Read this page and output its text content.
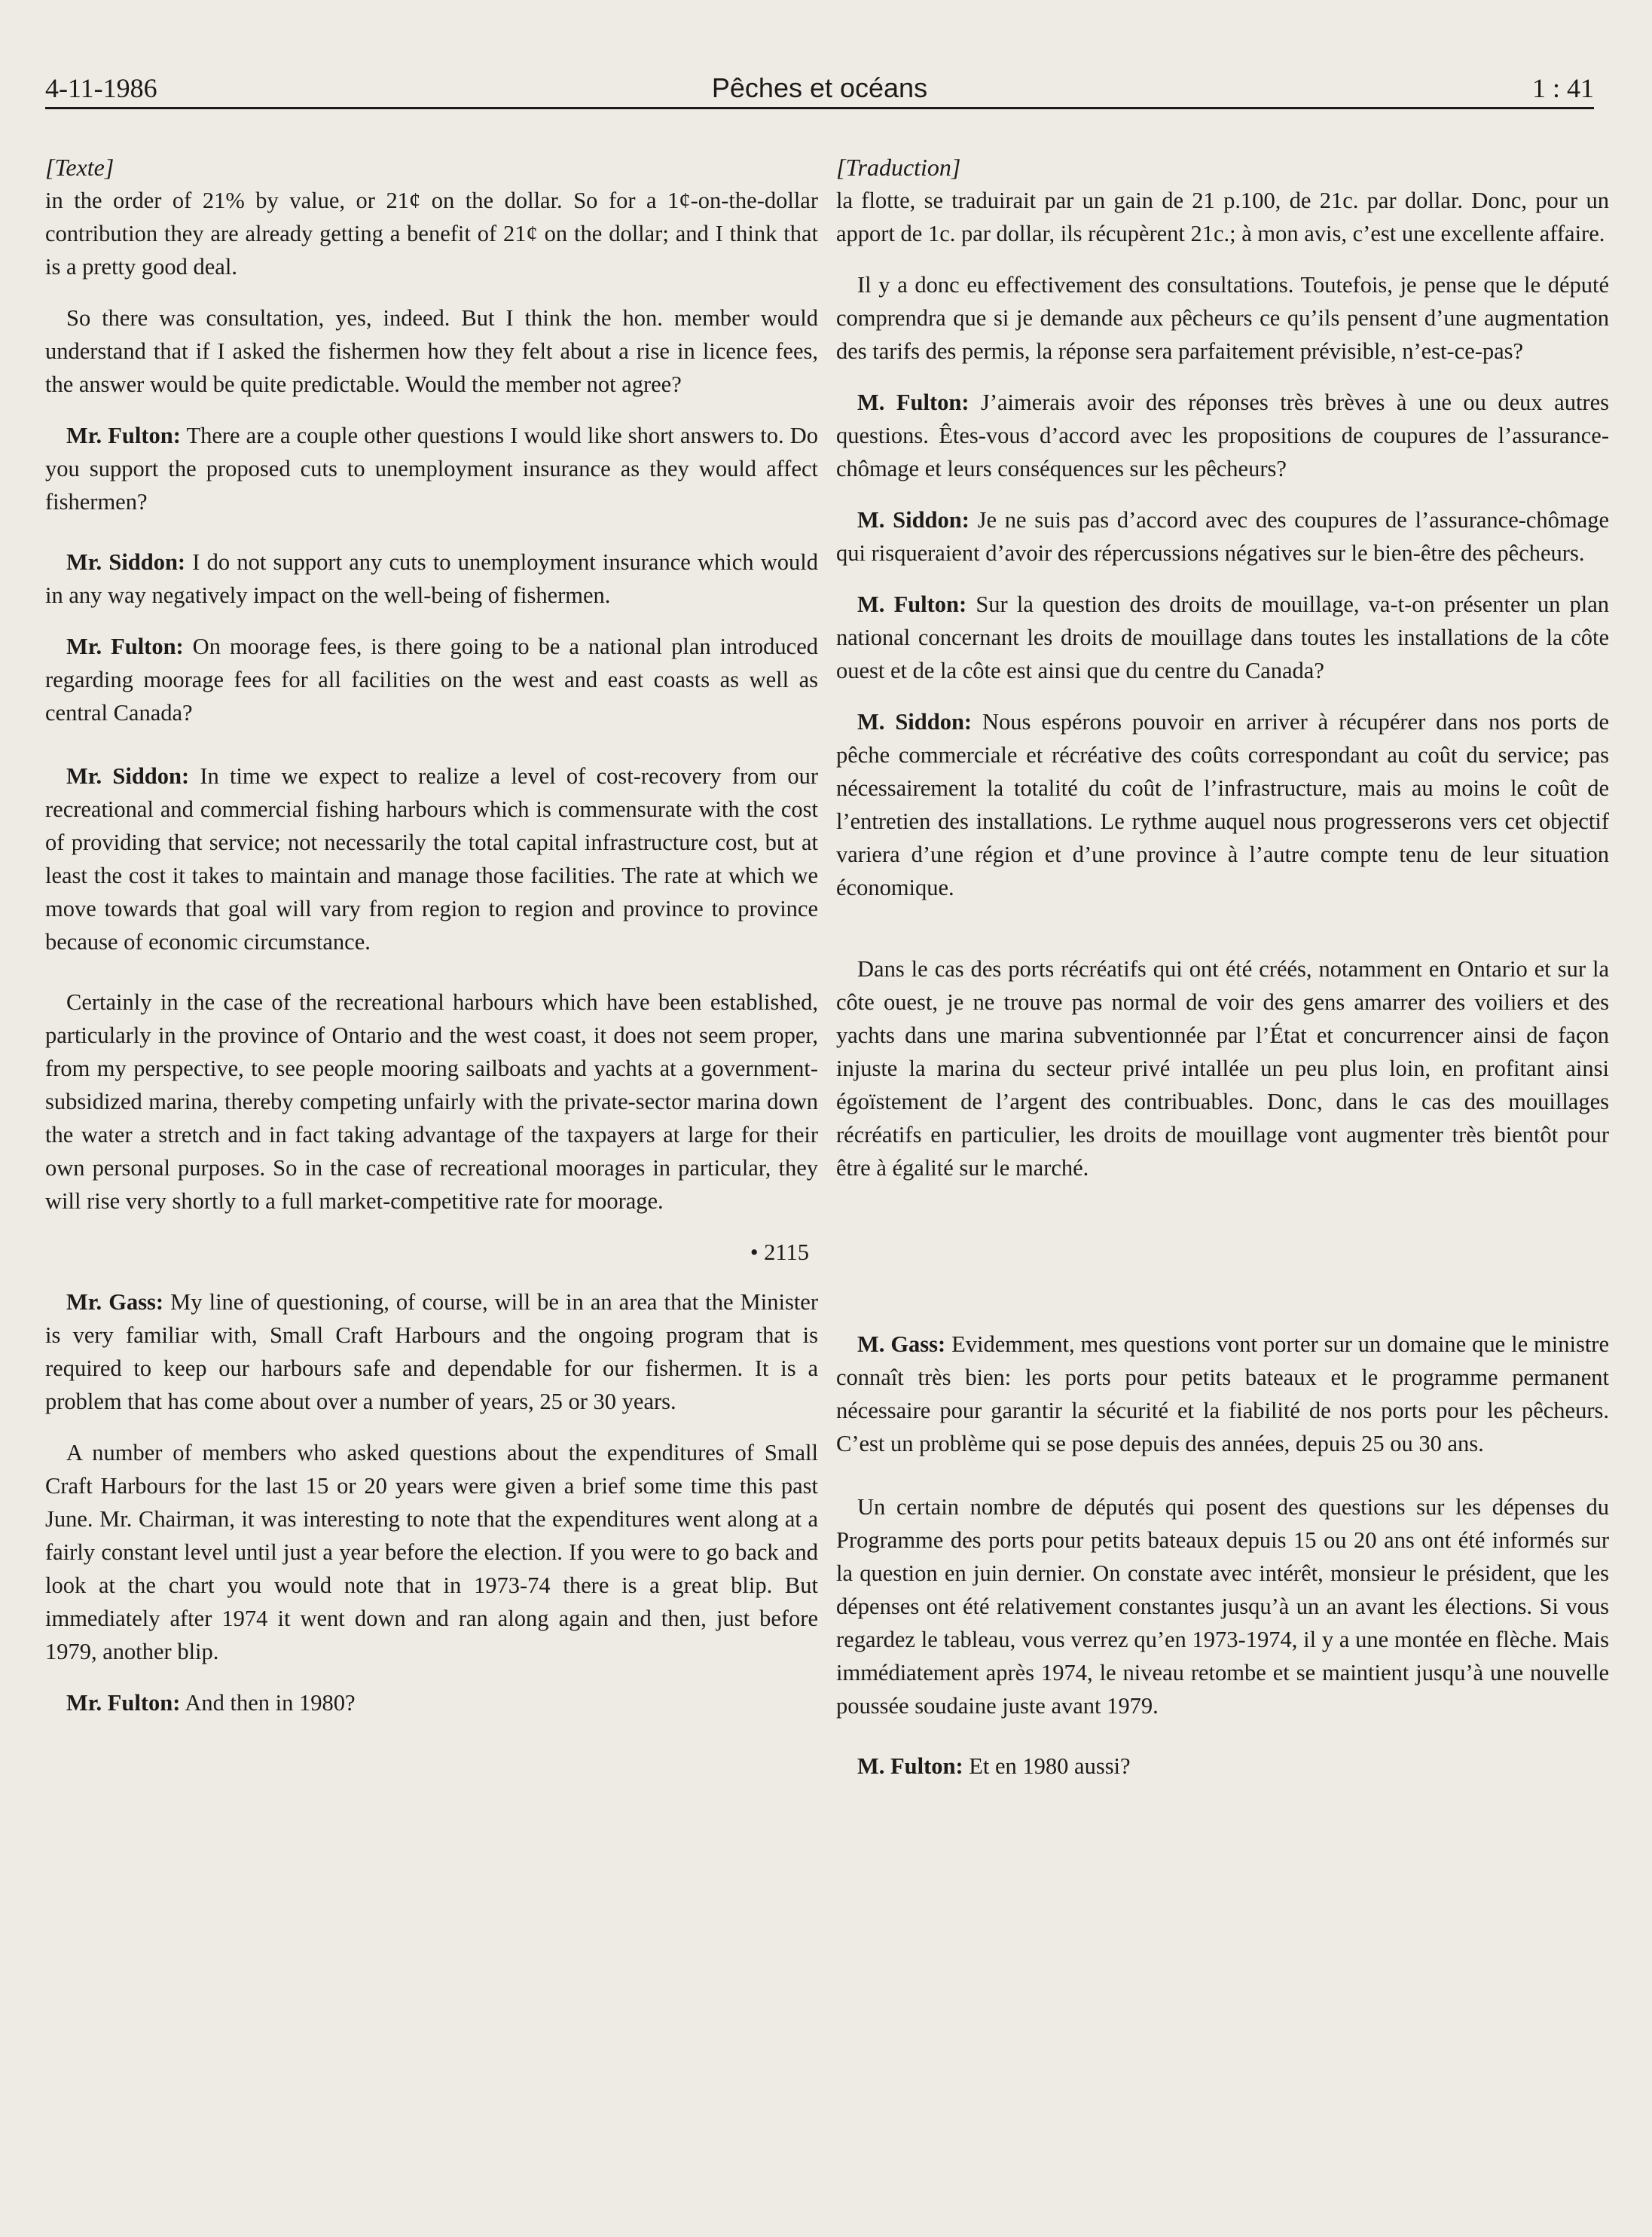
4-11-1986	Pêches et océans	1 : 41
[Texte]

in the order of 21% by value, or 21¢ on the dollar. So for a 1¢-on-the-dollar contribution they are already getting a benefit of 21¢ on the dollar; and I think that is a pretty good deal.

So there was consultation, yes, indeed. But I think the hon. member would understand that if I asked the fishermen how they felt about a rise in licence fees, the answer would be quite predictable. Would the member not agree?

Mr. Fulton: There are a couple other questions I would like short answers to. Do you support the proposed cuts to unemployment insurance as they would affect fishermen?

Mr. Siddon: I do not support any cuts to unemployment insurance which would in any way negatively impact on the well-being of fishermen.

Mr. Fulton: On moorage fees, is there going to be a national plan introduced regarding moorage fees for all facilities on the west and east coasts as well as central Canada?

Mr. Siddon: In time we expect to realize a level of cost-recovery from our recreational and commercial fishing harbours which is commensurate with the cost of providing that service; not necessarily the total capital infrastructure cost, but at least the cost it takes to maintain and manage those facilities. The rate at which we move towards that goal will vary from region to region and province to province because of economic circumstance.

Certainly in the case of the recreational harbours which have been established, particularly in the province of Ontario and the west coast, it does not seem proper, from my perspective, to see people mooring sailboats and yachts at a government-subsidized marina, thereby competing unfairly with the private-sector marina down the water a stretch and in fact taking advantage of the taxpayers at large for their own personal purposes. So in the case of recreational moorages in particular, they will rise very shortly to a full market-competitive rate for moorage.

• 2115

Mr. Gass: My line of questioning, of course, will be in an area that the Minister is very familiar with, Small Craft Harbours and the ongoing program that is required to keep our harbours safe and dependable for our fishermen. It is a problem that has come about over a number of years, 25 or 30 years.

A number of members who asked questions about the expenditures of Small Craft Harbours for the last 15 or 20 years were given a brief some time this past June. Mr. Chairman, it was interesting to note that the expenditures went along at a fairly constant level until just a year before the election. If you were to go back and look at the chart you would note that in 1973-74 there is a great blip. But immediately after 1974 it went down and ran along again and then, just before 1979, another blip.

Mr. Fulton: And then in 1980?

[Traduction]

la flotte, se traduirait par un gain de 21 p.100, de 21c. par dollar. Donc, pour un apport de 1c. par dollar, ils récupèrent 21c.; à mon avis, c’est une excellente affaire.

Il y a donc eu effectivement des consultations. Toutefois, je pense que le député comprendra que si je demande aux pêcheurs ce qu’ils pensent d’une augmentation des tarifs des permis, la réponse sera parfaitement prévisible, n’est-ce-pas?

M. Fulton: J’aimerais avoir des réponses très brèves à une ou deux autres questions. Êtes-vous d’accord avec les propositions de coupures de l’assurance-chômage et leurs conséquences sur les pêcheurs?

M. Siddon: Je ne suis pas d’accord avec des coupures de l’assurance-chômage qui risqueraient d’avoir des répercussions négatives sur le bien-être des pêcheurs.

M. Fulton: Sur la question des droits de mouillage, va-t-on présenter un plan national concernant les droits de mouillage dans toutes les installations de la côte ouest et de la côte est ainsi que du centre du Canada?

M. Siddon: Nous espérons pouvoir en arriver à récupérer dans nos ports de pêche commerciale et récréative des coûts correspondant au coût du service; pas nécessairement la totalité du coût de l’infrastructure, mais au moins le coût de l’entretien des installations. Le rythme auquel nous progresserons vers cet objectif variera d’une région et d’une province à l’autre compte tenu de leur situation économique.

Dans le cas des ports récréatifs qui ont été créés, notamment en Ontario et sur la côte ouest, je ne trouve pas normal de voir des gens amarrer des voiliers et des yachts dans une marina subventionnée par l’État et concurrencer ainsi de façon injuste la marina du secteur privé intallée un peu plus loin, en profitant ainsi égoïstement de l’argent des contribuables. Donc, dans le cas des mouillages récréatifs en particulier, les droits de mouillage vont augmenter très bientôt pour être à égalité sur le marché.

M. Gass: Evidemment, mes questions vont porter sur un domaine que le ministre connaît très bien: les ports pour petits bateaux et le programme permanent nécessaire pour garantir la sécurité et la fiabilité de nos ports pour les pêcheurs. C’est un problème qui se pose depuis des années, depuis 25 ou 30 ans.

Un certain nombre de députés qui posent des questions sur les dépenses du Programme des ports pour petits bateaux depuis 15 ou 20 ans ont été informés sur la question en juin dernier. On constate avec intérêt, monsieur le président, que les dépenses ont été relativement constantes jusqu’à un an avant les élections. Si vous regardez le tableau, vous verrez qu’en 1973-1974, il y a une montée en flèche. Mais immédiatement après 1974, le niveau retombe et se maintient jusqu’à une nouvelle poussée soudaine juste avant 1979.

M. Fulton: Et en 1980 aussi?
